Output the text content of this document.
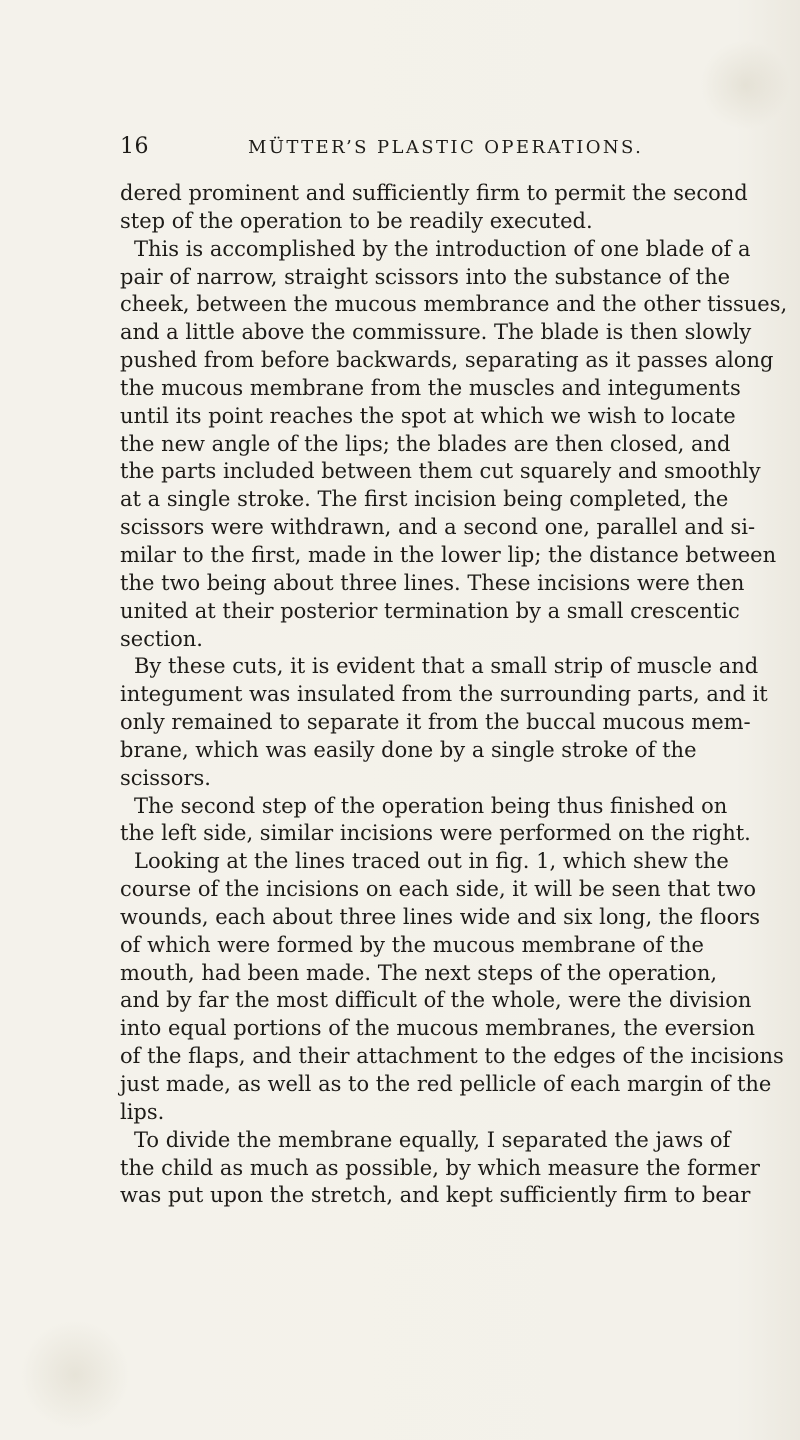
16	MÜTTER’S PLASTIC OPERATIONS.
dered prominent and sufficiently firm to permit the second
step of the operation to be readily executed.
This is accomplished by the introduction of one blade of a
pair of narrow, straight scissors into the substance of the
cheek, between the mucous membrance and the other tissues,
and a little above the commissure. The blade is then slowly
pushed from before backwards, separating as it passes along
the mucous membrane from the muscles and integuments
until its point reaches the spot at which we wish to locate
the new angle of the lips; the blades are then closed, and
the parts included between them cut squarely and smoothly
at a single stroke. The first incision being completed, the
scissors were withdrawn, and a second one, parallel and si-
milar to the first, made in the lower lip; the distance between
the two being about three lines. These incisions were then
united at their posterior termination by a small crescentic
section.
By these cuts, it is evident that a small strip of muscle and
integument was insulated from the surrounding parts, and it
only remained to separate it from the buccal mucous mem-
brane, which was easily done by a single stroke of the
scissors.
The second step of the operation being thus finished on
the left side, similar incisions were performed on the right.
Looking at the lines traced out in fig. 1, which shew the
course of the incisions on each side, it will be seen that two
wounds, each about three lines wide and six long, the floors
of which were formed by the mucous membrane of the
mouth, had been made. The next steps of the operation,
and by far the most difficult of the whole, were the division
into equal portions of the mucous membranes, the eversion
of the flaps, and their attachment to the edges of the incisions
just made, as well as to the red pellicle of each margin of the
lips.
To divide the membrane equally, I separated the jaws of
the child as much as possible, by which measure the former
was put upon the stretch, and kept sufficiently firm to bear
